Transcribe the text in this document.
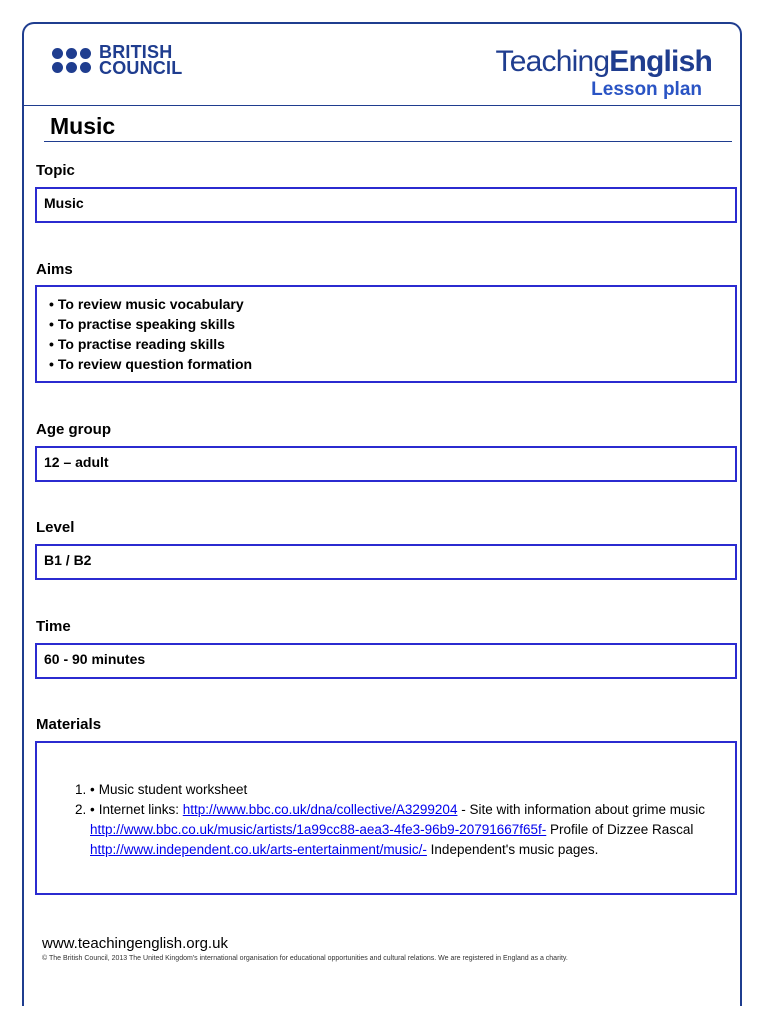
BRITISH
COUNCIL	TeachingEnglish
Lesson plan
Music
Topic
Music
Aims
• To review music vocabulary
• To practise speaking skills
• To practise reading skills
• To review question formation
Age group
12 – adult
Level
B1 / B2
Time
60 - 90 minutes
Materials
• 1. Music student worksheet
• 2. Internet links: http://www.bbc.co.uk/dna/collective/A3299204 - Site with information about grime music
http://www.bbc.co.uk/music/artists/1a99cc88-aea3-4fe3-96b9-20791667f65f- Profile of Dizzee Rascal
http://www.independent.co.uk/arts-entertainment/music/- Independent's music pages.
www.teachingenglish.org.uk
© The British Council, 2013 The United Kingdom's international organisation for educational opportunities and cultural relations. We are registered in England as a charity.
